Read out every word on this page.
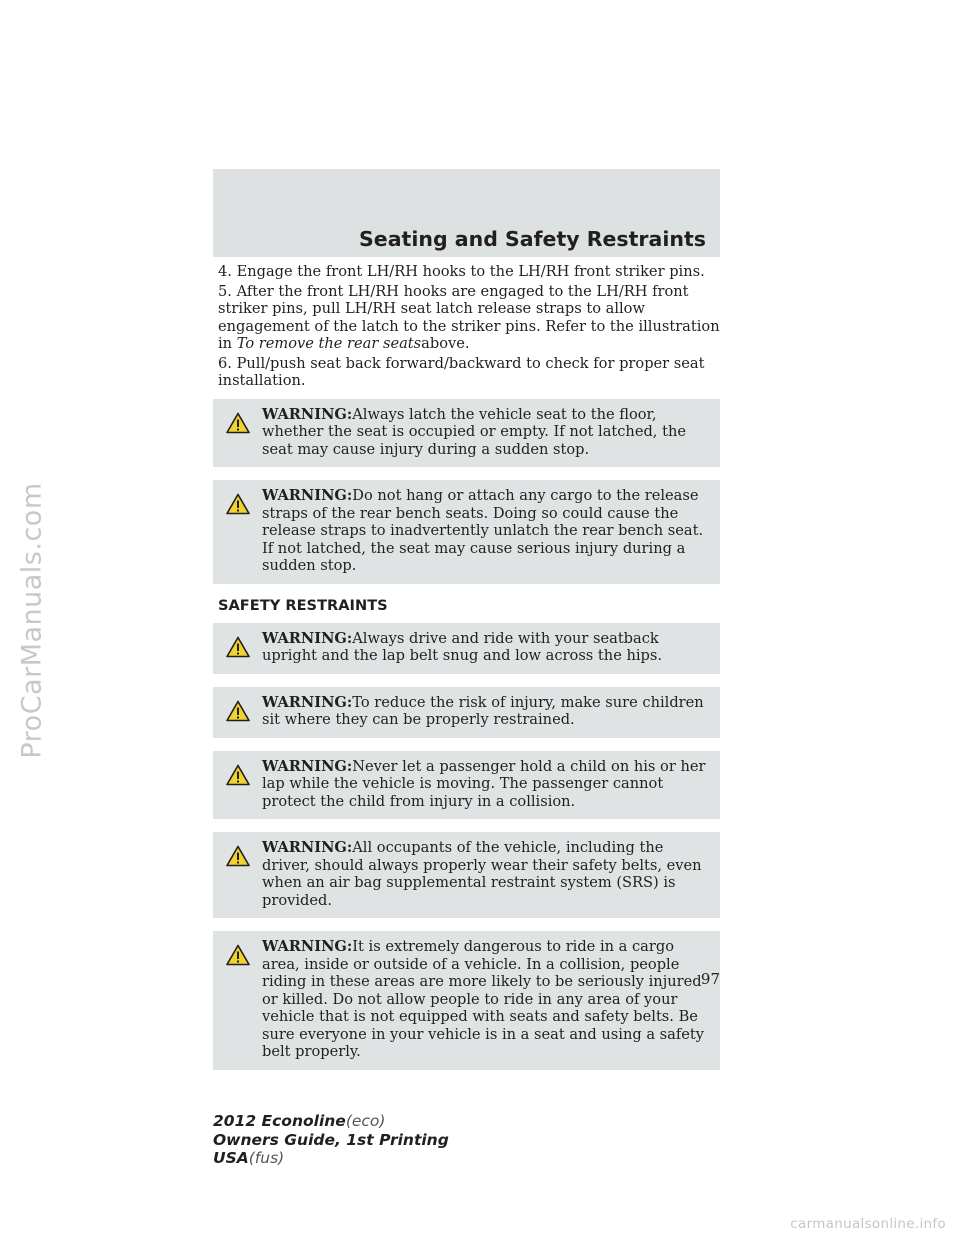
ProCarManuals.com
Seating and Safety Restraints

4. Engage the front LH/RH hooks to the LH/RH front striker pins.

5. After the front LH/RH hooks are engaged to the LH/RH front striker pins, pull LH/RH seat latch release straps to allow engagement of the latch to the striker pins. Refer to the illustration in To remove the rear seatsabove.

6. Pull/push seat back forward/backward to check for proper seat installation.

WARNING:Always latch the vehicle seat to the floor, whether the seat is occupied or empty. If not latched, the seat may cause injury during a sudden stop.
WARNING:Do not hang or attach any cargo to the release straps of the rear bench seats. Doing so could cause the release straps to inadvertently unlatch the rear bench seat. If not latched, the seat may cause serious injury during a sudden stop.
SAFETY RESTRAINTS
WARNING:Always drive and ride with your seatback upright and the lap belt snug and low across the hips.
WARNING:To reduce the risk of injury, make sure children sit where they can be properly restrained.
WARNING:Never let a passenger hold a child on his or her lap while the vehicle is moving. The passenger cannot protect the child from injury in a collision.
WARNING:All occupants of the vehicle, including the driver, should always properly wear their safety belts, even when an air bag supplemental restraint system (SRS) is provided.
WARNING:It is extremely dangerous to ride in a cargo area, inside or outside of a vehicle. In a collision, people riding in these areas are more likely to be seriously injured or killed. Do not allow people to ride in any area of your vehicle that is not equipped with seats and safety belts. Be sure everyone in your vehicle is in a seat and using a safety belt properly.
97
2012 Econoline(eco)
Owners Guide, 1st Printing
USA(fus)
carmanualsonline.info
